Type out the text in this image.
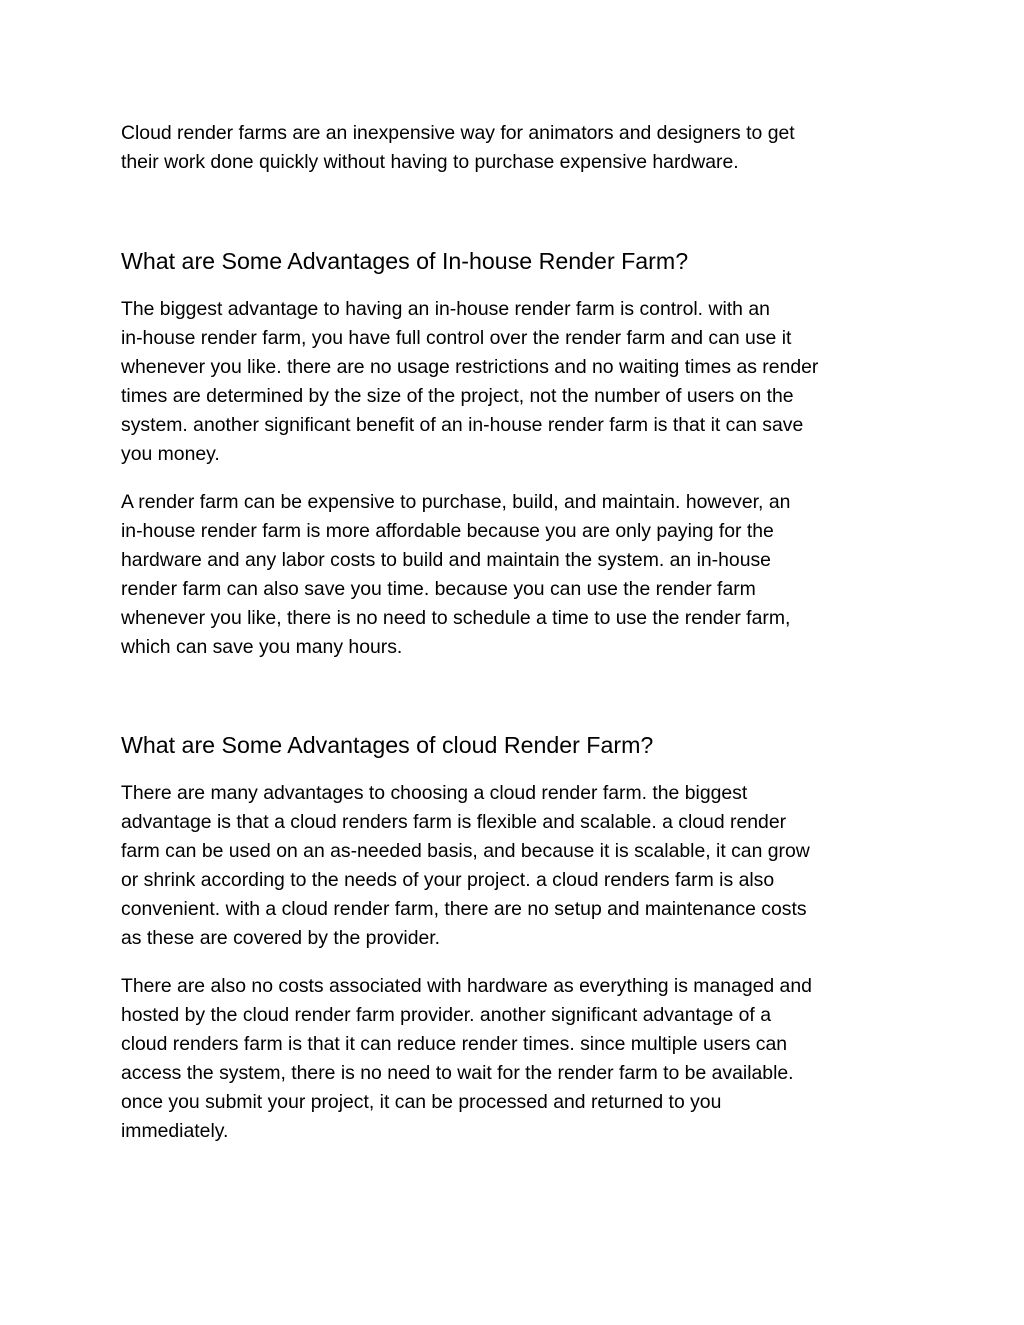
Cloud render farms are an inexpensive way for animators and designers to get
their work done quickly without having to purchase expensive hardware.

What are Some Advantages of In-house Render Farm?

The biggest advantage to having an in-house render farm is control. with an
in-house render farm, you have full control over the render farm and can use it
whenever you like. there are no usage restrictions and no waiting times as render
times are determined by the size of the project, not the number of users on the
system. another significant benefit of an in-house render farm is that it can save
you money.

A render farm can be expensive to purchase, build, and maintain. however, an
in-house render farm is more affordable because you are only paying for the
hardware and any labor costs to build and maintain the system. an in-house
render farm can also save you time. because you can use the render farm
whenever you like, there is no need to schedule a time to use the render farm,
which can save you many hours.

What are Some Advantages of cloud Render Farm?

There are many advantages to choosing a cloud render farm. the biggest
advantage is that a cloud renders farm is flexible and scalable. a cloud render
farm can be used on an as-needed basis, and because it is scalable, it can grow
or shrink according to the needs of your project. a cloud renders farm is also
convenient. with a cloud render farm, there are no setup and maintenance costs
as these are covered by the provider.

There are also no costs associated with hardware as everything is managed and
hosted by the cloud render farm provider. another significant advantage of a
cloud renders farm is that it can reduce render times. since multiple users can
access the system, there is no need to wait for the render farm to be available.
once you submit your project, it can be processed and returned to you
immediately.
